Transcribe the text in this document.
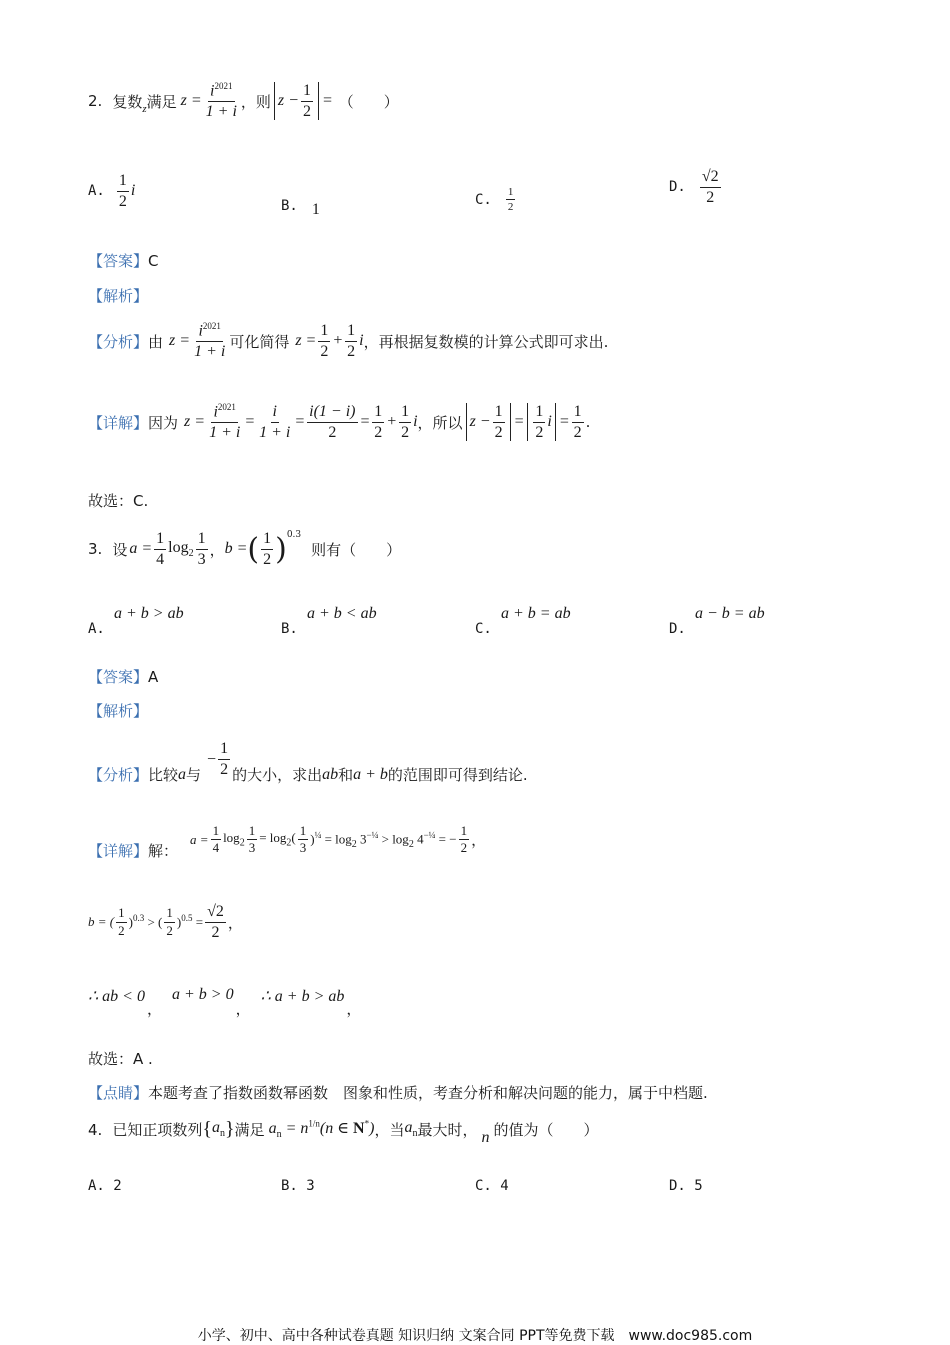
2. 复数 z 满足 $z = \frac{i^{2021}}{1 + i}$ ，则 $z - \frac{1}{2}$ = （　　）
A. $\frac{1}{2}$ i
B. 1
C. $\frac{1}{2}$	D. $\frac{√2}{2}$
【答案】C
【解析】
【分析】 由 $z = \frac{i^{2021}}{1 + i}$ 可化简得 $z = \frac{1}{2} + \frac{1}{2}$ i ，再根据复数模的计算公式即可求出.
【详解】 因为 $z = \frac{i^{2021}}{1 + i} = \frac{i}{1 + i} = \frac{i(1 - i)}{2} = \frac{1}{2} + \frac{1}{2}$ i ，所以 $z - \frac{1}{2} = \frac{1}{2}$ $i = \frac{1}{2}$ .
故选：C.
3. 设 $a = \frac{1}{4} \log_2 \frac{1}{3}$ ， b = ( $\frac{1}{2}$ ) 0.3
则有（　　）
A.
a + b > ab
B.
a + b < ab
C.
a + b = ab
D.
a − b = ab
【答案】A
【解析】
【分析】 比较 a 与
− $\frac{1}{2}$ 的大小，求出 ab 和 a + b 的范围即可得到结论.
【详解】 解：
$a = \frac{1}{4} \log_2 \frac{1}{3} = \log_2( \frac{1}{3} )^{\frac{1}{4}} = \log_2 3^{-\frac{1}{4}} > \log_2 4^{-\frac{1}{4}}$ = − $\frac{1}{2}$ ，
b = ( $\frac{1}{2} )^{0.3}$ > ( $\frac{1}{2} )^{0.5} = \frac{√2}{2}$ ，
∴ ab < 0
，
a + b > 0
，
∴ a + b > ab
，
故选：A .
【点睛】本题考查了指数函数幂函数　图象和性质，考查分析和解决问题的能力，属于中档题.
4. 已知正项数列 { $a_n$ } 满足 $a_n = n^{1/n}(n$ ∈ N*) ，当 $a_n$ 最大时， n 的值为（　　）
A. 2	B. 3	C. 4	D. 5
小学、初中、高中各种试卷真题 知识归纳 文案合同 PPT等免费下载　www.doc985.com
